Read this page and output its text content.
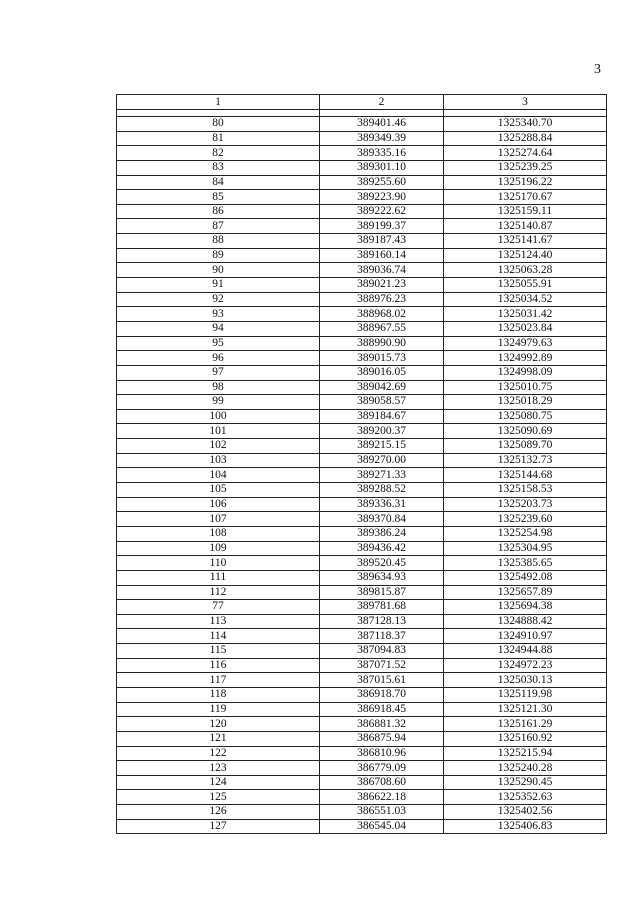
3
1	2	3

80	389401.46	1325340.70
81	389349.39	1325288.84
82	389335.16	1325274.64
83	389301.10	1325239.25
84	389255.60	1325196.22
85	389223.90	1325170.67
86	389222.62	1325159.11
87	389199.37	1325140.87
88	389187.43	1325141.67
89	389160.14	1325124.40
90	389036.74	1325063.28
91	389021.23	1325055.91
92	388976.23	1325034.52
93	388968.02	1325031.42
94	388967.55	1325023.84
95	388990.90	1324979.63
96	389015.73	1324992.89
97	389016.05	1324998.09
98	389042.69	1325010.75
99	389058.57	1325018.29
100	389184.67	1325080.75
101	389200.37	1325090.69
102	389215.15	1325089.70
103	389270.00	1325132.73
104	389271.33	1325144.68
105	389288.52	1325158.53
106	389336.31	1325203.73
107	389370.84	1325239.60
108	389386.24	1325254.98
109	389436.42	1325304.95
110	389520.45	1325385.65
111	389634.93	1325492.08
112	389815.87	1325657.89
77	389781.68	1325694.38
113	387128.13	1324888.42
114	387118.37	1324910.97
115	387094.83	1324944.88
116	387071.52	1324972.23
117	387015.61	1325030.13
118	386918.70	1325119.98
119	386918.45	1325121.30
120	386881.32	1325161.29
121	386875.94	1325160.92
122	386810.96	1325215.94
123	386779.09	1325240.28
124	386708.60	1325290.45
125	386622.18	1325352.63
126	386551.03	1325402.56
127	386545.04	1325406.83
